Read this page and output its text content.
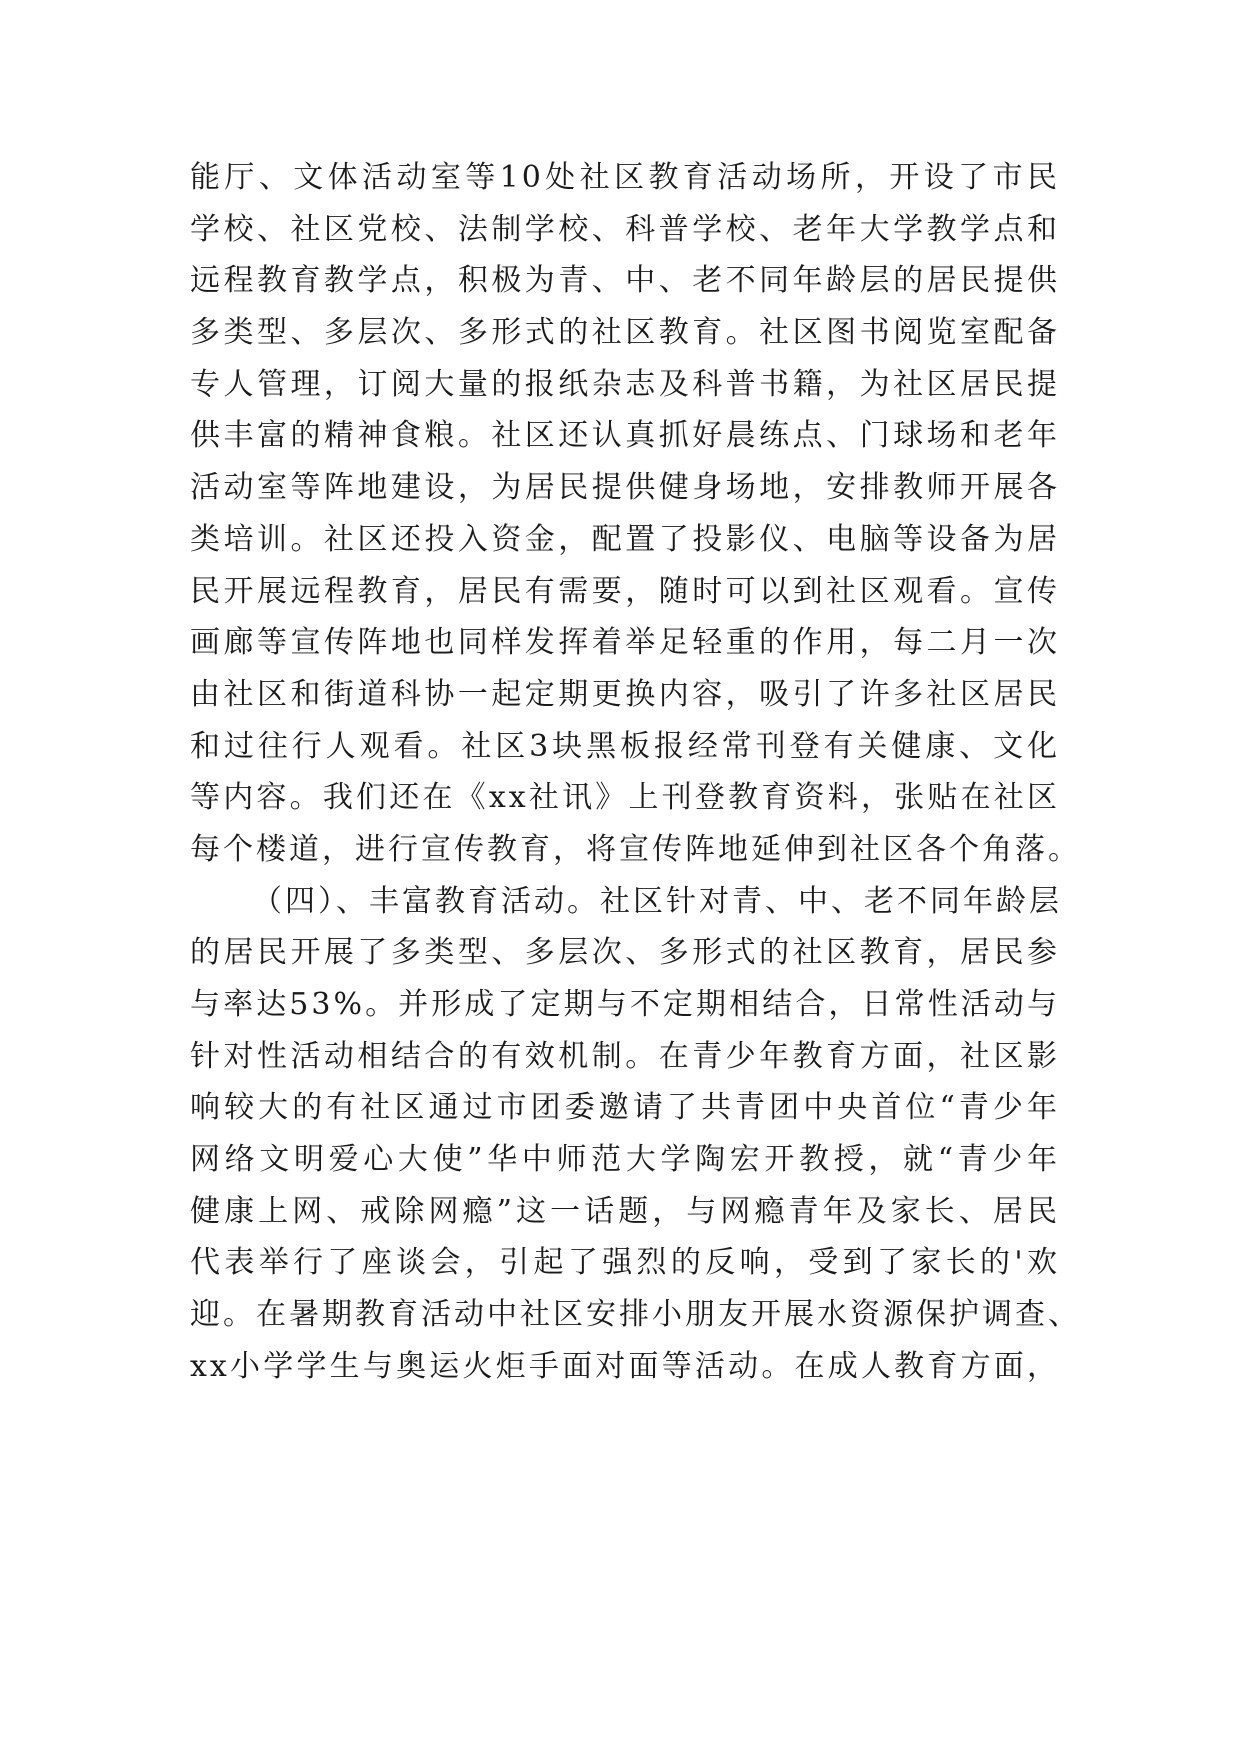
能厅、文体活动室等10处社区教育活动场所，开设了市民
学校、社区党校、法制学校、科普学校、老年大学教学点和
远程教育教学点，积极为青、中、老不同年龄层的居民提供
多类型、多层次、多形式的社区教育。社区图书阅览室配备
专人管理，订阅大量的报纸杂志及科普书籍，为社区居民提
供丰富的精神食粮。社区还认真抓好晨练点、门球场和老年
活动室等阵地建设，为居民提供健身场地，安排教师开展各
类培训。社区还投入资金，配置了投影仪、电脑等设备为居
民开展远程教育，居民有需要，随时可以到社区观看。宣传
画廊等宣传阵地也同样发挥着举足轻重的作用，每二月一次
由社区和街道科协一起定期更换内容，吸引了许多社区居民
和过往行人观看。社区3块黑板报经常刊登有关健康、文化
等内容。我们还在《xx社讯》上刊登教育资料，张贴在社区
每个楼道，进行宣传教育，将宣传阵地延伸到社区各个角落。
（四）、丰富教育活动。社区针对青、中、老不同年龄层
的居民开展了多类型、多层次、多形式的社区教育，居民参
与率达53%。并形成了定期与不定期相结合，日常性活动与
针对性活动相结合的有效机制。在青少年教育方面，社区影
响较大的有社区通过市团委邀请了共青团中央首位“青少年
网络文明爱心大使”华中师范大学陶宏开教授，就“青少年
健康上网、戒除网瘾”这一话题，与网瘾青年及家长、居民
代表举行了座谈会，引起了强烈的反响，受到了家长的'欢
迎。在暑期教育活动中社区安排小朋友开展水资源保护调查、
xx小学学生与奥运火炬手面对面等活动。在成人教育方面，
